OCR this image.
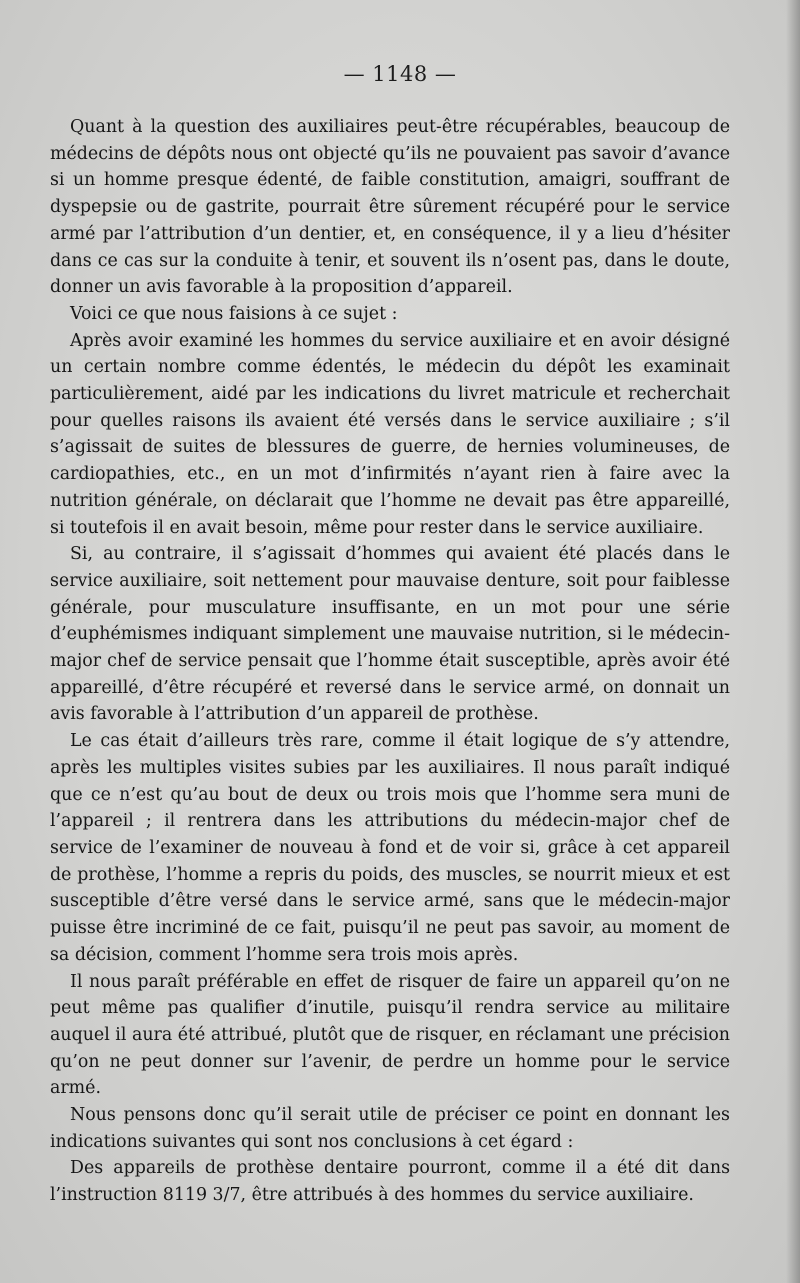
— 1148 —

Quant à la question des auxiliaires peut-être récupérables, beaucoup de médecins de dépôts nous ont objecté qu’ils ne pouvaient pas savoir d’avance si un homme presque édenté, de faible constitution, amaigri, souffrant de dyspepsie ou de gastrite, pourrait être sûrement récupéré pour le service armé par l’attribution d’un dentier, et, en conséquence, il y a lieu d’hésiter dans ce cas sur la conduite à tenir, et souvent ils n’osent pas, dans le doute, donner un avis favorable à la proposition d’appareil.

Voici ce que nous faisions à ce sujet :

Après avoir examiné les hommes du service auxiliaire et en avoir désigné un certain nombre comme édentés, le médecin du dépôt les examinait particulièrement, aidé par les indications du livret matricule et recherchait pour quelles raisons ils avaient été versés dans le service auxiliaire ; s’il s’agissait de suites de blessures de guerre, de hernies volumineuses, de cardiopathies, etc., en un mot d’infirmités n’ayant rien à faire avec la nutrition générale, on déclarait que l’homme ne devait pas être appareillé, si toutefois il en avait besoin, même pour rester dans le service auxiliaire.

Si, au contraire, il s’agissait d’hommes qui avaient été placés dans le service auxiliaire, soit nettement pour mauvaise denture, soit pour faiblesse générale, pour musculature insuffisante, en un mot pour une série d’euphémismes indiquant simplement une mauvaise nutrition, si le médecin-major chef de service pensait que l’homme était susceptible, après avoir été appareillé, d’être récupéré et reversé dans le service armé, on donnait un avis favorable à l’attribution d’un appareil de prothèse.

Le cas était d’ailleurs très rare, comme il était logique de s’y attendre, après les multiples visites subies par les auxiliaires. Il nous paraît indiqué que ce n’est qu’au bout de deux ou trois mois que l’homme sera muni de l’appareil ; il rentrera dans les attributions du médecin-major chef de service de l’examiner de nouveau à fond et de voir si, grâce à cet appareil de prothèse, l’homme a repris du poids, des muscles, se nourrit mieux et est susceptible d’être versé dans le service armé, sans que le médecin-major puisse être incriminé de ce fait, puisqu’il ne peut pas savoir, au moment de sa décision, comment l’homme sera trois mois après.

Il nous paraît préférable en effet de risquer de faire un appareil qu’on ne peut même pas qualifier d’inutile, puisqu’il rendra service au militaire auquel il aura été attribué, plutôt que de risquer, en réclamant une précision qu’on ne peut donner sur l’avenir, de perdre un homme pour le service armé.

Nous pensons donc qu’il serait utile de préciser ce point en donnant les indications suivantes qui sont nos conclusions à cet égard :

Des appareils de prothèse dentaire pourront, comme il a été dit dans l’instruction 8119 3/7, être attribués à des hommes du service auxiliaire.
